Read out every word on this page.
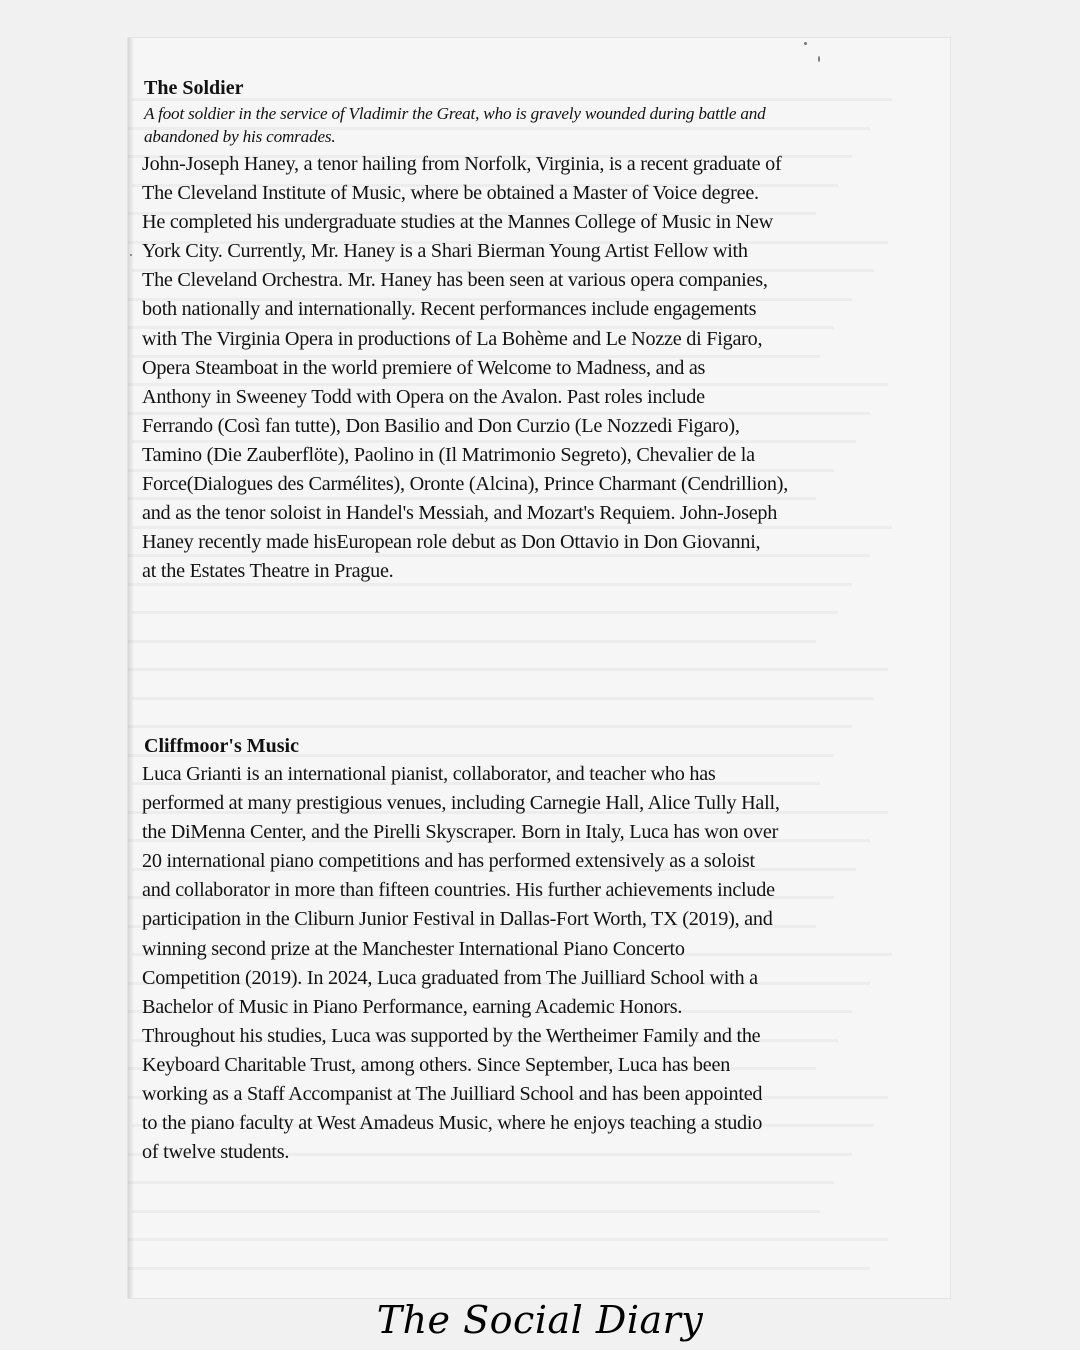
The Soldier
A foot soldier in the service of Vladimir the Great, who is gravely wounded during battle and
abandoned by his comrades.
John-Joseph Haney, a tenor hailing from Norfolk, Virginia, is a recent graduate of
The Cleveland Institute of Music, where be obtained a Master of Voice degree.
He completed his undergraduate studies at the Mannes College of Music in New
York City. Currently, Mr. Haney is a Shari Bierman Young Artist Fellow with
The Cleveland Orchestra. Mr. Haney has been seen at various opera companies,
both nationally and internationally. Recent performances include engagements
with The Virginia Opera in productions of La Bohème and Le Nozze di Figaro,
Opera Steamboat in the world premiere of Welcome to Madness, and as
Anthony in Sweeney Todd with Opera on the Avalon. Past roles include
Ferrando (Così fan tutte), Don Basilio and Don Curzio (Le Nozzedi Figaro),
Tamino (Die Zauberflöte), Paolino in (Il Matrimonio Segreto), Chevalier de la
Force(Dialogues des Carmélites), Oronte (Alcina), Prince Charmant (Cendrillion),
and as the tenor soloist in Handel's Messiah, and Mozart's Requiem. John-Joseph
Haney recently made hisEuropean role debut as Don Ottavio in Don Giovanni,
at the Estates Theatre in Prague.
Cliffmoor's Music
Luca Grianti is an international pianist, collaborator, and teacher who has
performed at many prestigious venues, including Carnegie Hall, Alice Tully Hall,
the DiMenna Center, and the Pirelli Skyscraper. Born in Italy, Luca has won over
20 international piano competitions and has performed extensively as a soloist
and collaborator in more than fifteen countries. His further achievements include
participation in the Cliburn Junior Festival in Dallas-Fort Worth, TX (2019), and
winning second prize at the Manchester International Piano Concerto
Competition (2019). In 2024, Luca graduated from The Juilliard School with a
Bachelor of Music in Piano Performance, earning Academic Honors.
Throughout his studies, Luca was supported by the Wertheimer Family and the
Keyboard Charitable Trust, among others. Since September, Luca has been
working as a Staff Accompanist at The Juilliard School and has been appointed
to the piano faculty at West Amadeus Music, where he enjoys teaching a studio
of twelve students.
The Social Diary
